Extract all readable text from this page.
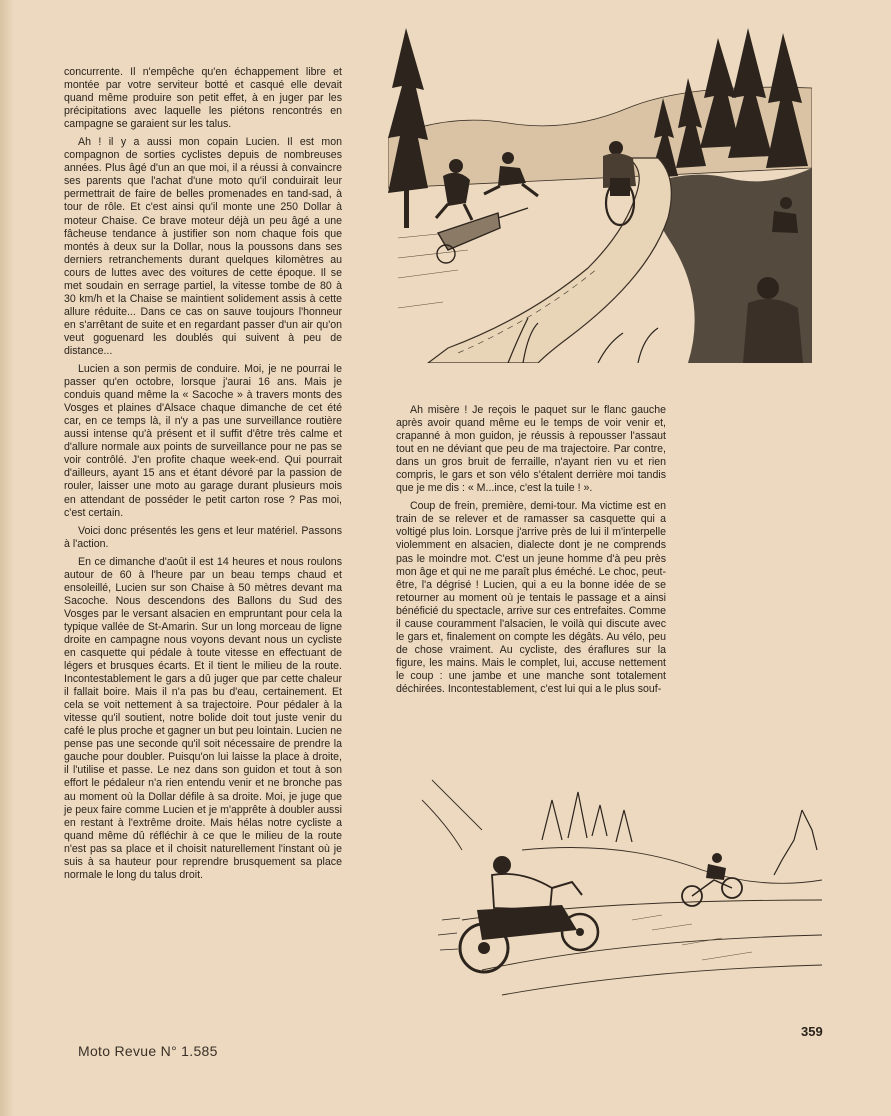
concurrente. Il n'empêche qu'en échappement libre et montée par votre serviteur botté et casqué elle devait quand même produire son petit effet, à en juger par les précipitations avec laquelle les piétons rencontrés en campagne se garaient sur les talus.

Ah ! il y a aussi mon copain Lucien. Il est mon compagnon de sorties cyclistes depuis de nombreuses années. Plus âgé d'un an que moi, il a réussi à convaincre ses parents que l'achat d'une moto qu'il conduirait leur permettrait de faire de belles promenades en tand-sad, à tour de rôle. Et c'est ainsi qu'il monte une 250 Dollar à moteur Chaise. Ce brave moteur déjà un peu âgé a une fâcheuse tendance à justifier son nom chaque fois que montés à deux sur la Dollar, nous la poussons dans ses derniers retranchements durant quelques kilomètres au cours de luttes avec des voitures de cette époque. Il se met soudain en serrage partiel, la vitesse tombe de 80 à 30 km/h et la Chaise se maintient solidement assis à cette allure réduite... Dans ce cas on sauve toujours l'honneur en s'arrêtant de suite et en regardant passer d'un air qu'on veut goguenard les doublés qui suivent à peu de distance...

Lucien a son permis de conduire. Moi, je ne pourrai le passer qu'en octobre, lorsque j'aurai 16 ans. Mais je conduis quand même la « Sacoche » à travers monts des Vosges et plaines d'Alsace chaque dimanche de cet été car, en ce temps là, il n'y a pas une surveillance routière aussi intense qu'à présent et il suffit d'être très calme et d'allure normale aux points de surveillance pour ne pas se voir contrôlé. J'en profite chaque week-end. Qui pourrait d'ailleurs, ayant 15 ans et étant dévoré par la passion de rouler, laisser une moto au garage durant plusieurs mois en attendant de posséder le petit carton rose ? Pas moi, c'est certain.

Voici donc présentés les gens et leur matériel. Passons à l'action.

En ce dimanche d'août il est 14 heures et nous roulons autour de 60 à l'heure par un beau temps chaud et ensoleillé, Lucien sur son Chaise à 50 mètres devant ma Sacoche. Nous descendons des Ballons du Sud des Vosges par le versant alsacien en empruntant pour cela la typique vallée de St-Amarin. Sur un long morceau de ligne droite en campagne nous voyons devant nous un cycliste en casquette qui pédale à toute vitesse en effectuant de légers et brusques écarts. Et il tient le milieu de la route. Incontestablement le gars a dû juger que par cette chaleur il fallait boire. Mais il n'a pas bu d'eau, certainement. Et cela se voit nettement à sa trajectoire. Pour pédaler à la vitesse qu'il soutient, notre bolide doit tout juste venir du café le plus proche et gagner un but peu lointain. Lucien ne pense pas une seconde qu'il soit nécessaire de prendre la gauche pour doubler. Puisqu'on lui laisse la place à droite, il l'utilise et passe. Le nez dans son guidon et tout à son effort le pédaleur n'a rien entendu venir et ne bronche pas au moment où la Dollar défile à sa droite. Moi, je juge que je peux faire comme Lucien et je m'apprête à doubler aussi en restant à l'extrême droite. Mais hélas notre cycliste a quand même dû réfléchir à ce que le milieu de la route n'est pas sa place et il choisit naturellement l'instant où je suis à sa hauteur pour reprendre brusquement sa place normale le long du talus droit.

Ah misère ! Je reçois le paquet sur le flanc gauche après avoir quand même eu le temps de voir venir et, crapanné à mon guidon, je réussis à repousser l'assaut tout en ne déviant que peu de ma trajectoire. Par contre, dans un gros bruit de ferraille, n'ayant rien vu et rien compris, le gars et son vélo s'étalent derrière moi tandis que je me dis : « M...ince, c'est la tuile ! ».

Coup de frein, première, demi-tour. Ma victime est en train de se relever et de ramasser sa casquette qui a voltigé plus loin. Lorsque j'arrive près de lui il m'interpelle violemment en alsacien, dialecte dont je ne comprends pas le moindre mot. C'est un jeune homme d'à peu près mon âge et qui ne me paraît plus éméché. Le choc, peut-être, l'a dégrisé ! Lucien, qui a eu la bonne idée de se retourner au moment où je tentais le passage et a ainsi bénéficié du spectacle, arrive sur ces entrefaites. Comme il cause couramment l'alsacien, le voilà qui discute avec le gars et, finalement on compte les dégâts. Au vélo, peu de chose vraiment. Au cycliste, des éraflures sur la figure, les mains. Mais le complet, lui, accuse nettement le coup : une jambe et une manche sont totalement déchirées. Incontestablement, c'est lui qui a le plus souf-

Moto Revue N° 1.585
359
